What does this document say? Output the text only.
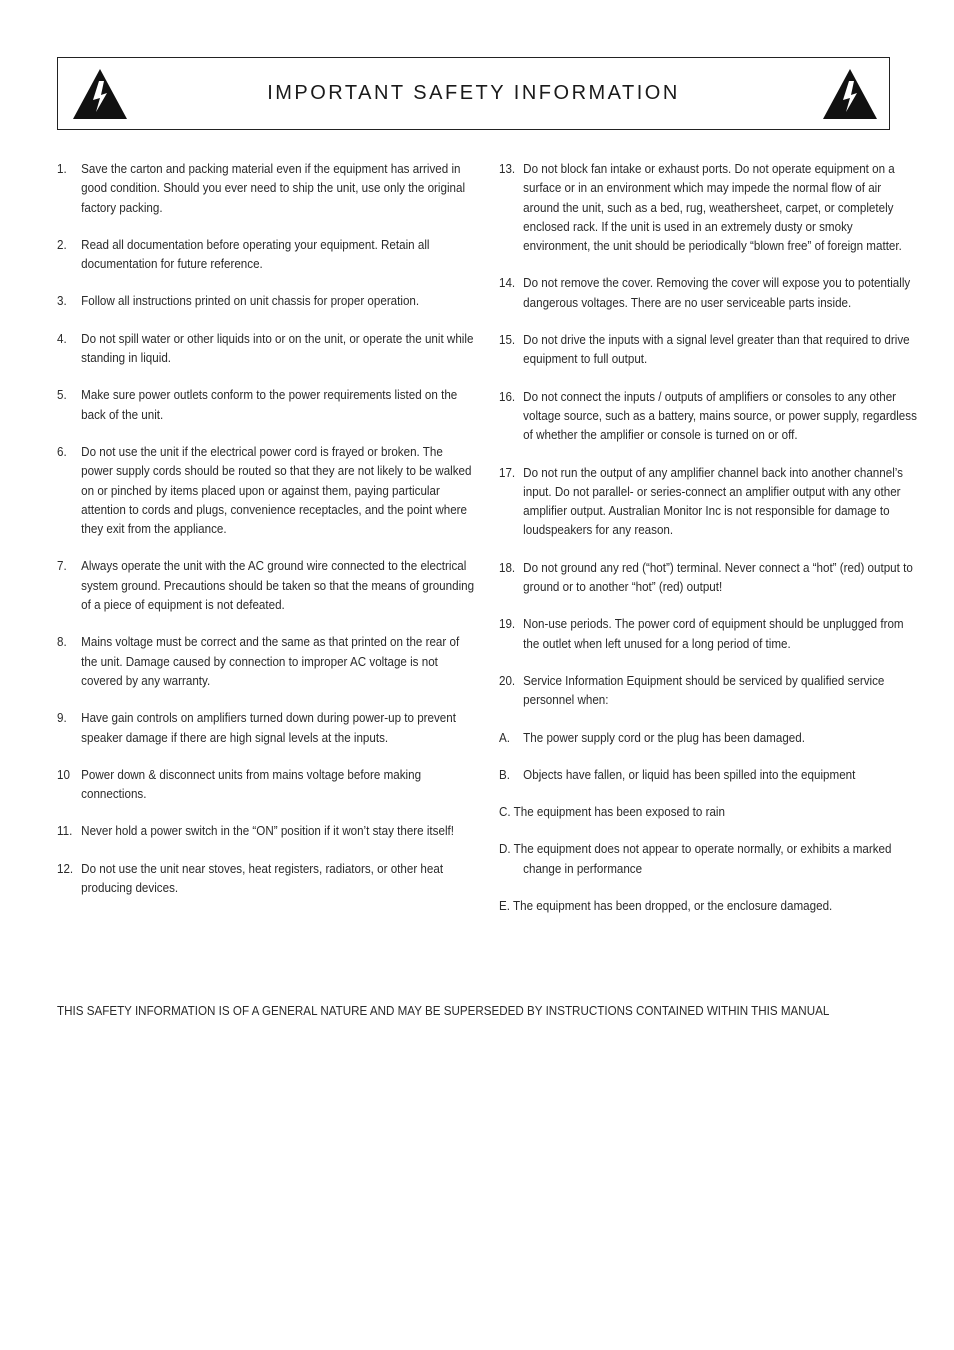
IMPORTANT SAFETY INFORMATION
1. Save the carton and packing material even if the equipment has arrived in good condition. Should you ever need to ship the unit, use only the original factory packing.
2. Read all documentation before operating your equipment. Retain all documentation for future reference.
3. Follow all instructions printed on unit chassis for proper operation.
4. Do not spill water or other liquids into or on the unit, or operate the unit while standing in liquid.
5. Make sure power outlets conform to the power requirements listed on the back of the unit.
6. Do not use the unit if the electrical power cord is frayed or broken. The power supply cords should be routed so that they are not likely to be walked on or pinched by items placed upon or against them, paying particular attention to cords and plugs, convenience receptacles, and the point where they exit from the appliance.
7. Always operate the unit with the AC ground wire connected to the electrical system ground. Precautions should be taken so that the means of grounding of a piece of equipment is not defeated.
8. Mains voltage must be correct and the same as that printed on the rear of the unit. Damage caused by connection to improper AC voltage is not covered by any warranty.
9. Have gain controls on amplifiers turned down during power-up to prevent speaker damage if there are high signal levels at the inputs.
10 Power down & disconnect units from mains voltage before making connections.
11. Never hold a power switch in the “ON” position if it won’t stay there itself!
12. Do not use the unit near stoves, heat registers, radiators, or other heat producing devices.
13. Do not block fan intake or exhaust ports. Do not operate equipment on a surface or in an environment which may impede the normal flow of air around the unit, such as a bed, rug, weathersheet, carpet, or completely enclosed rack. If the unit is used in an extremely dusty or smoky environment, the unit should be periodically “blown free” of foreign matter.
14. Do not remove the cover. Removing the cover will expose you to potentially dangerous voltages. There are no user serviceable parts inside.
15. Do not drive the inputs with a signal level greater than that required to drive equipment to full output.
16. Do not connect the inputs / outputs of amplifiers or consoles to any other voltage source, such as a battery, mains source, or power supply, regardless of whether the amplifier or console is turned on or off.
17. Do not run the output of any amplifier channel back into another channel’s input. Do not parallel- or series-connect an amplifier output with any other amplifier output. Australian Monitor Inc is not responsible for damage to loudspeakers for any reason.
18. Do not ground any red (“hot”) terminal. Never connect a “hot” (red) output to ground or to another “hot” (red) output!
19. Non-use periods. The power cord of equipment should be unplugged from the outlet when left unused for a long period of time.
20. Service Information Equipment should be serviced by qualified service personnel when:
A. The power supply cord or the plug has been damaged.
B. Objects have fallen, or liquid has been spilled into the equipment
C. The equipment has been exposed to rain
D. The equipment does not appear to operate normally, or exhibits a marked
change in performance
E. The equipment has been dropped, or the enclosure damaged.
THIS SAFETY INFORMATION IS OF A GENERAL NATURE AND MAY BE SUPERSEDED BY INSTRUCTIONS CONTAINED WITHIN THIS MANUAL
